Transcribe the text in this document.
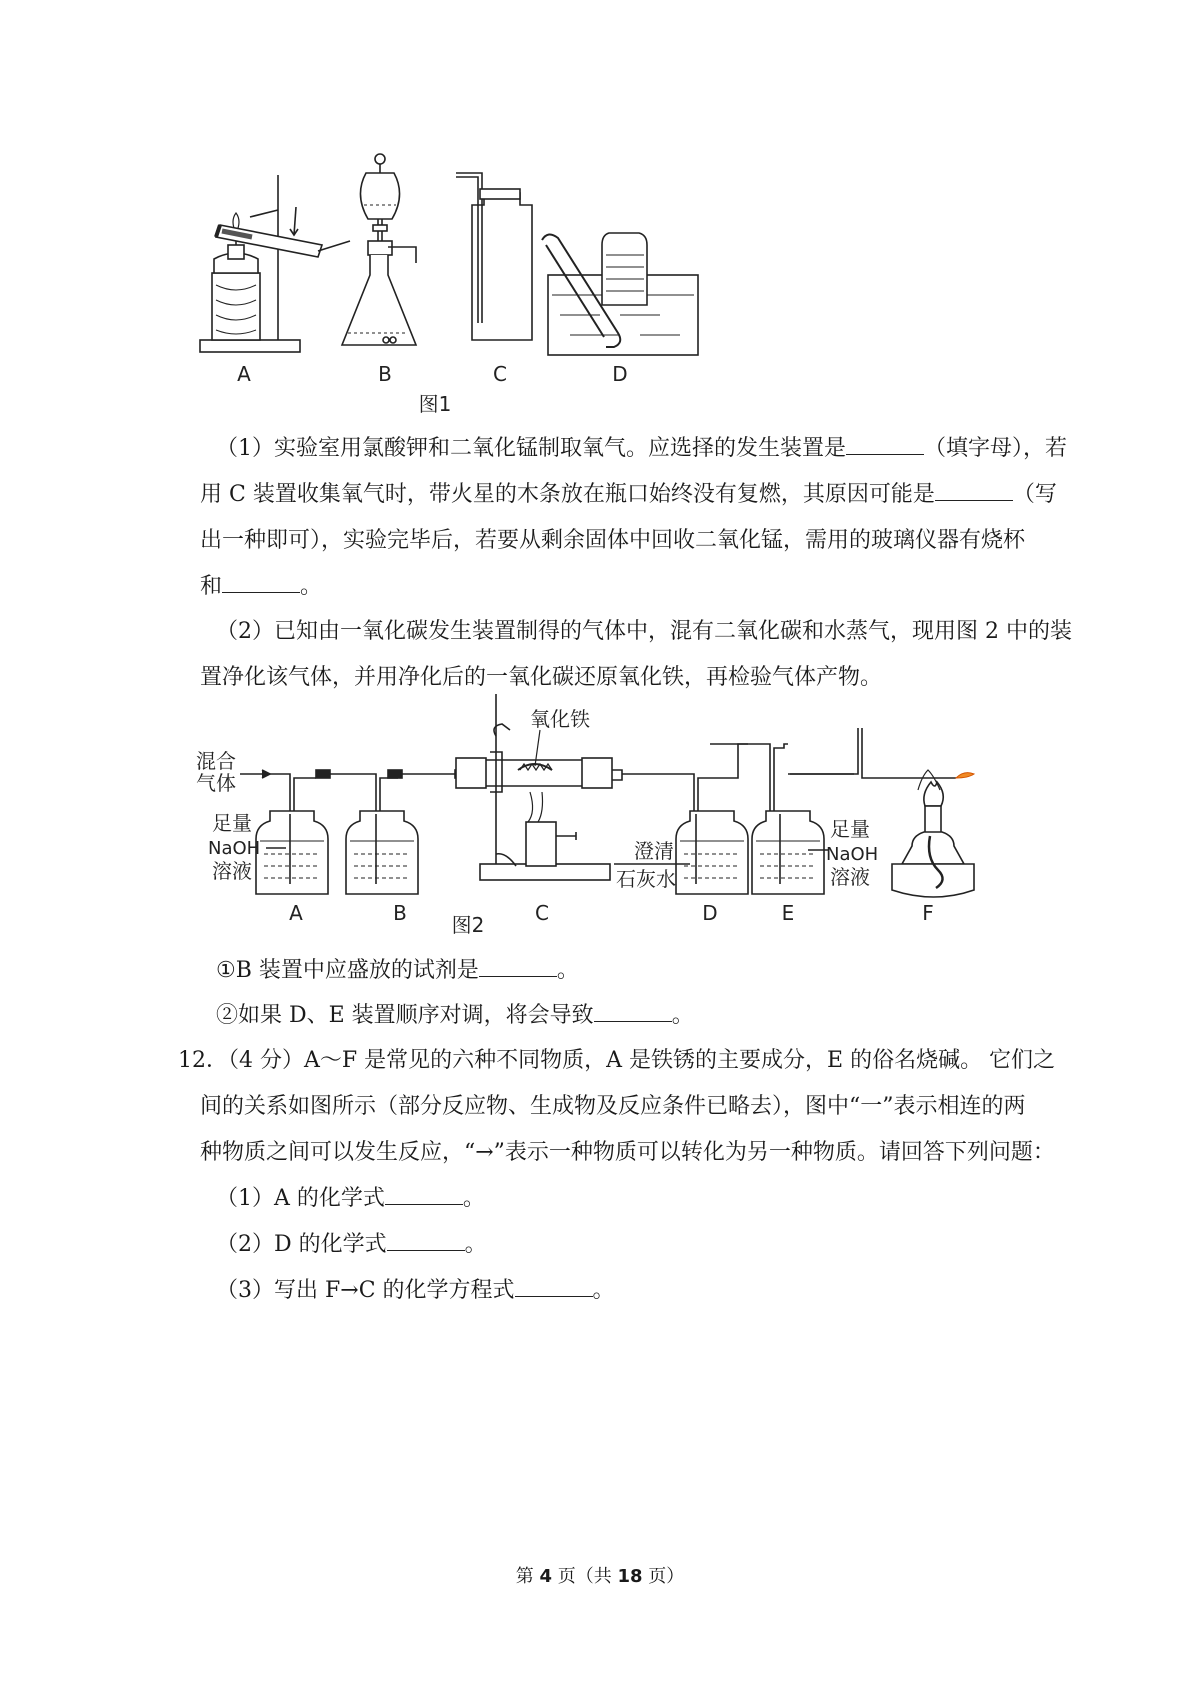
A	B	C	D
图1
（1）实验室用氯酸钾和二氧化锰制取氧气。应选择的发生装置是	（填字母），若
用 C 装置收集氧气时，带火星的木条放在瓶口始终没有复燃，其原因可能是	（写
出一种即可），实验完毕后，若要从剩余固体中回收二氧化锰，需用的玻璃仪器有烧杯
和	。
（2）已知由一氧化碳发生装置制得的气体中，混有二氧化碳和水蒸气，现用图 2 中的装
置净化该气体，并用净化后的一氧化碳还原氧化铁，再检验气体产物。
混合
气体
足量
NaOH
溶液
氧化铁
澄清
石灰水
足量
NaOH
溶液
A	B	C	D	E	F
图2
①B 装置中应盛放的试剂是	。
②如果 D、E 装置顺序对调，将会导致	。
12．（4 分）A～F 是常见的六种不同物质，A 是铁锈的主要成分，E 的俗名烧碱。 它们之
间的关系如图所示（部分反应物、生成物及反应条件已略去），图中“一”表示相连的两
种物质之间可以发生反应，“→”表示一种物质可以转化为另一种物质。请回答下列问题：
（1）A 的化学式	。
（2）D 的化学式	。
（3）写出 F→C 的化学方程式	。
第 4 页（共 18 页）
